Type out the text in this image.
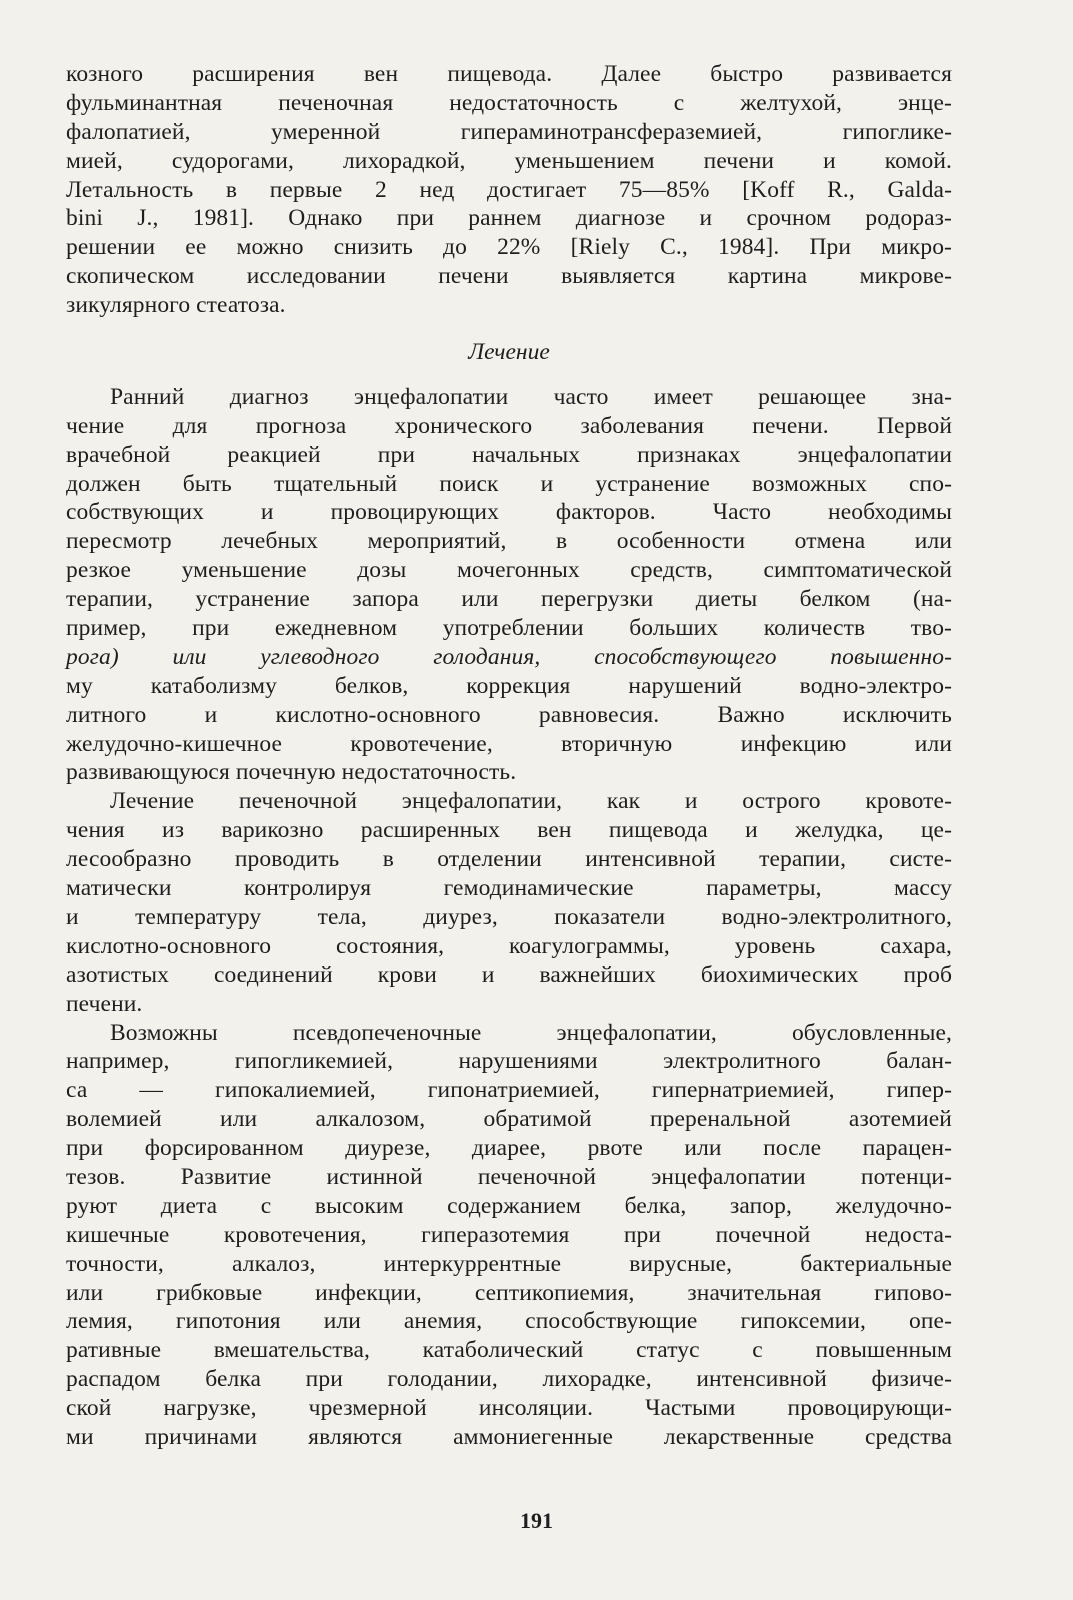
козного расширения вен пищевода. Далее быстро развивается
фульминантная печеночная недостаточность с желтухой, энце-
фалопатией, умеренной гипераминотрансфераземией, гипоглике-
мией, судорогами, лихорадкой, уменьшением печени и комой.
Летальность в первые 2 нед достигает 75—85% [Koff R., Galda-
bini J., 1981]. Однако при раннем диагнозе и срочном родораз-
решении ее можно снизить до 22% [Riely C., 1984]. При микро-
скопическом исследовании печени выявляется картина микрове-
зикулярного стеатоза.
Лечение
Ранний диагноз энцефалопатии часто имеет решающее зна-
чение для прогноза хронического заболевания печени. Первой
врачебной реакцией при начальных признаках энцефалопатии
должен быть тщательный поиск и устранение возможных спо-
собствующих и провоцирующих факторов. Часто необходимы
пересмотр лечебных мероприятий, в особенности отмена или
резкое уменьшение дозы мочегонных средств, симптоматической
терапии, устранение запора или перегрузки диеты белком (на-
пример, при ежедневном употреблении больших количеств тво-
рога) или углеводного голодания, способствующего повышенно-
му катаболизму белков, коррекция нарушений водно-электро-
литного и кислотно-основного равновесия. Важно исключить
желудочно-кишечное кровотечение, вторичную инфекцию или
развивающуюся почечную недостаточность.
Лечение печеночной энцефалопатии, как и острого кровоте-
чения из варикозно расширенных вен пищевода и желудка, це-
лесообразно проводить в отделении интенсивной терапии, систе-
матически контролируя гемодинамические параметры, массу
и температуру тела, диурез, показатели водно-электролитного,
кислотно-основного состояния, коагулограммы, уровень сахара,
азотистых соединений крови и важнейших биохимических проб
печени.
Возможны псевдопеченочные энцефалопатии, обусловленные,
например, гипогликемией, нарушениями электролитного балан-
са — гипокалиемией, гипонатриемией, гипернатриемией, гипер-
волемией или алкалозом, обратимой преренальной азотемией
при форсированном диурезе, диарее, рвоте или после парацен-
тезов. Развитие истинной печеночной энцефалопатии потенци-
руют диета с высоким содержанием белка, запор, желудочно-
кишечные кровотечения, гиперазотемия при почечной недоста-
точности, алкалоз, интеркуррентные вирусные, бактериальные
или грибковые инфекции, септикопиемия, значительная гипово-
лемия, гипотония или анемия, способствующие гипоксемии, опе-
ративные вмешательства, катаболический статус с повышенным
распадом белка при голодании, лихорадке, интенсивной физиче-
ской нагрузке, чрезмерной инсоляции. Частыми провоцирующи-
ми причинами являются аммониегенные лекарственные средства
191
